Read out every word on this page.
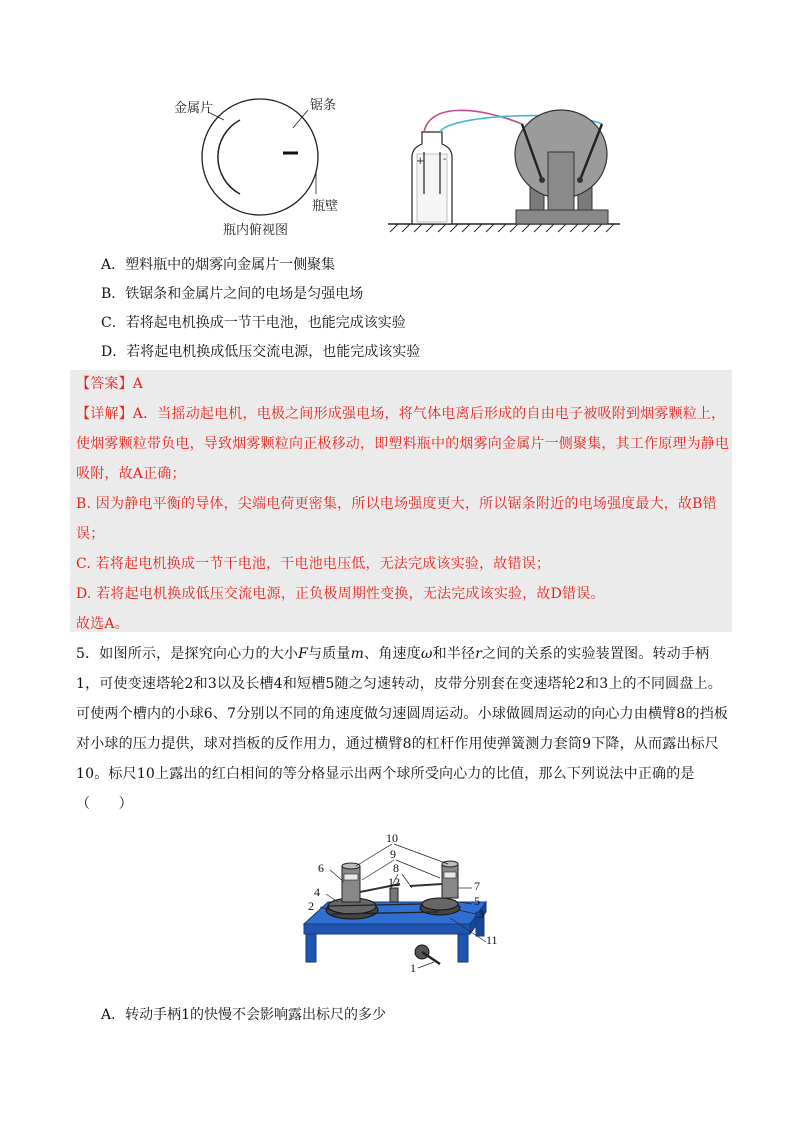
金属片	锯条
瓶壁
瓶内俯视图
+ -
A．塑料瓶中的烟雾向金属片一侧聚集
B．铁锯条和金属片之间的电场是匀强电场
C．若将起电机换成一节干电池，也能完成该实验
D．若将起电机换成低压交流电源，也能完成该实验
【答案】A
【详解】A．当摇动起电机，电极之间形成强电场，将气体电离后形成的自由电子被吸附到烟雾颗粒上，
使烟雾颗粒带负电，导致烟雾颗粒向正极移动，即塑料瓶中的烟雾向金属片一侧聚集，其工作原理为静电
吸附，故A正确；
B. 因为静电平衡的导体，尖端电荷更密集，所以电场强度更大，所以锯条附近的电场强度最大，故B错
误；
C. 若将起电机换成一节干电池，干电池电压低，无法完成该实验，故错误；
D. 若将起电机换成低压交流电源，正负极周期性变换，无法完成该实验，故D错误。
故选A。
5．如图所示，是探究向心力的大小F与质量m、角速度ω和半径r之间的关系的实验装置图。转动手柄
1，可使变速塔轮2和3以及长槽4和短槽5随之匀速转动，皮带分别套在变速塔轮2和3上的不同圆盘上。
可使两个槽内的小球6、7分别以不同的角速度做匀速圆周运动。小球做圆周运动的向心力由横臂8的挡板
对小球的压力提供，球对挡板的反作用力，通过横臂8的杠杆作用使弹簧测力套筒9下降，从而露出标尺
10。标尺10上露出的红白相间的等分格显示出两个球所受向心力的比值，那么下列说法中正确的是
（　　）
10
9
8
6
12	7
4
5
2
3
11
1
A．转动手柄1的快慢不会影响露出标尺的多少
